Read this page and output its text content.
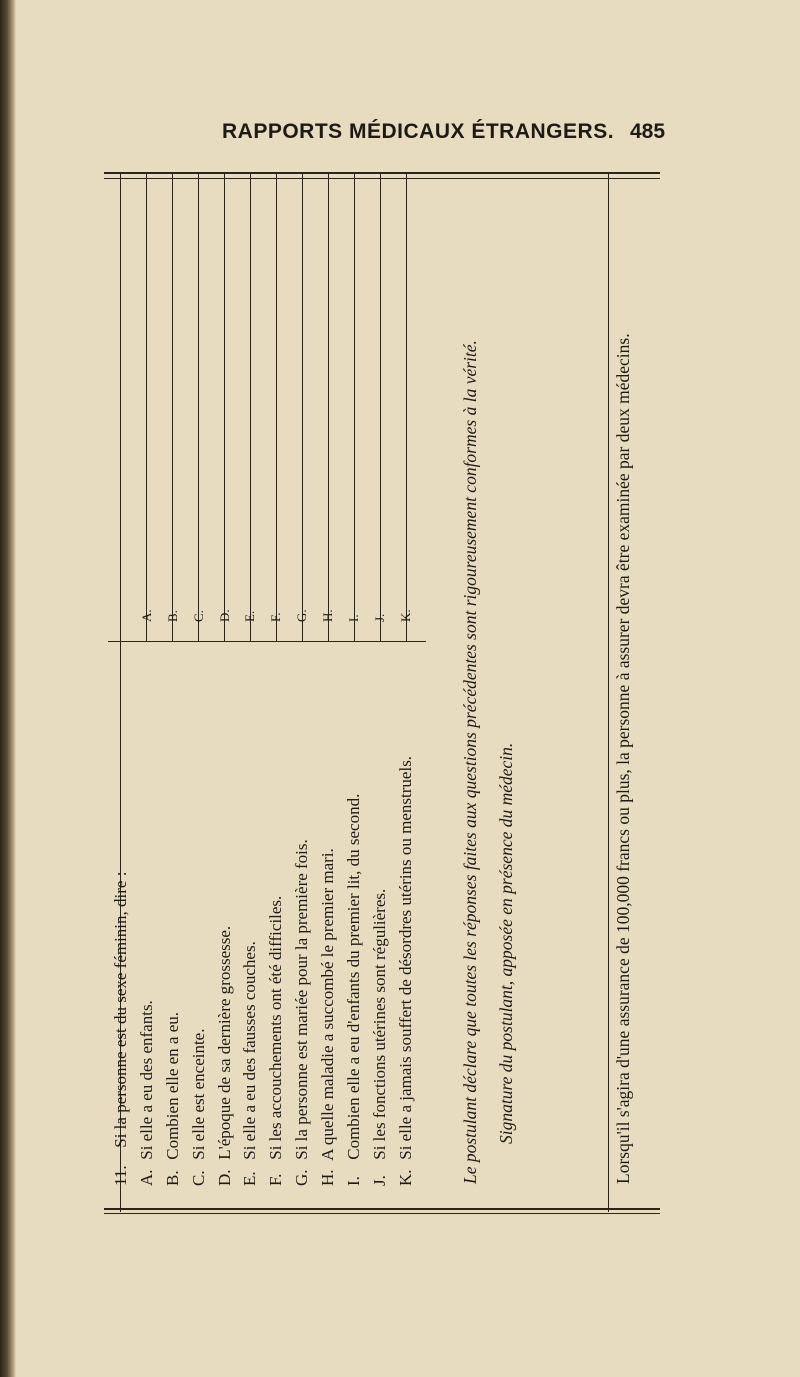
RAPPORTS MÉDICAUX ÉTRANGERS. 485
11. Si la personne est du sexe féminin, dire :
A. Si elle a eu des enfants.
B. Combien elle en a eu.
C. Si elle est enceinte.
D. L'époque de sa dernière grossesse.
E. Si elle a eu des fausses couches.
F. Si les accouchements ont été difficiles.
G. Si la personne est mariée pour la première fois.
H. A quelle maladie a succombé le premier mari.
I. Combien elle a eu d'enfants du premier lit, du second.
J. Si les fonctions utérines sont régulières.
K. Si elle a jamais souffert de désordres utérins ou menstruels.
A. B. C. D. E. F. G. H. I. J. K.	Le postulant déclare que toutes les réponses faites aux questions précédentes sont rigoureusement conformes à la vérité. Signature du postulant, apposée en présence du médecin.	Lorsqu'il s'agira d'une assurance de 100,000 francs ou plus, la personne à assurer devra être examinée par deux médecins.
